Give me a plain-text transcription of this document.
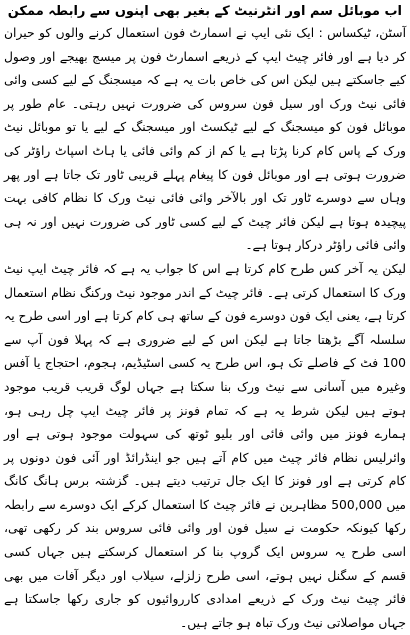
اب موبائل سم اور انٹرنیٹ کے بغیر بھی اپنوں سے رابطہ ممکن

آسٹن، ٹیکساس : ایک نئی ایپ نے اسمارٹ فون استعمال کرنے والوں کو حیران کر دیا ہے اور فائر چیٹ ایپ کے ذریعے اسمارٹ فون پر میسج بھیجے اور وصول کیے جاسکتے ہیں لیکن اس کی خاص بات یہ ہے کہ میسجنگ کے لیے کسی وائی فائی نیٹ ورک اور سیل فون سروس کی ضرورت نہیں رہتی۔ عام طور پر موبائل فون کو میسجنگ کے لیے ٹیکسٹ اور میسجنگ کے لیے یا تو موبائل نیٹ ورک کے پاس کام کرنا پڑتا ہے یا کم از کم وائی فائی یا ہاٹ اسپاٹ راؤٹر کی ضرورت ہوتی ہے اور موبائل فون کا پیغام پہلے قریبی ٹاور تک جاتا ہے اور پھر وہاں سے دوسرے ٹاور تک اور بالآخر وائی فائی نیٹ ورک کا نظام کافی بہت پیچیدہ ہوتا ہے لیکن فائر چیٹ کے لیے کسی ٹاور کی ضرورت نہیں اور نہ ہی وائی فائی راؤٹر درکار ہوتا ہے۔

لیکن یہ آخر کس طرح کام کرتا ہے اس کا جواب یہ ہے کہ فائر چیٹ ایپ نیٹ ورک کا استعمال کرتی ہے۔ فائر چیٹ کے اندر موجود نیٹ ورکنگ نظام استعمال کرتا ہے، یعنی ایک فون دوسرے فون کے ساتھ ہی کام کرتا ہے اور اسی طرح یہ سلسلہ آگے بڑھتا جاتا ہے لیکن اس کے لیے ضروری ہے کہ پہلا فون آپ سے 100 فٹ کے فاصلے تک ہو، اس طرح یہ کسی اسٹیڈیم، ہجوم، احتجاج یا آفس وغیرہ میں آسانی سے نیٹ ورک بنا سکتا ہے جہاں لوگ قریب قریب موجود ہوتے ہیں لیکن شرط یہ ہے کہ تمام فونز پر فائر چیٹ ایپ چل رہی ہو، ہمارے فونز میں وائی فائی اور بلیو ٹوتھ کی سہولت موجود ہوتی ہے اور وائرلیس نظام فائر چیٹ میں کام آتے ہیں جو اینڈرائڈ اور آئی فون دونوں پر کام کرتی ہے اور فونز کا ایک جال ترتیب دیتے ہیں۔ گزشتہ برس ہانگ کانگ میں 500,000 مظاہرین نے فائر چیٹ کا استعمال کرکے ایک دوسرے سے رابطہ رکھا کیونکہ حکومت نے سیل فون اور وائی فائی سروس بند کر رکھی تھی، اسی طرح یہ سروس ایک گروپ بنا کر استعمال کرسکتے ہیں جہاں کسی قسم کے سگنل نہیں ہوتے، اسی طرح زلزلے، سیلاب اور دیگر آفات میں بھی فائر چیٹ نیٹ ورک کے ذریعے امدادی کارروائیوں کو جاری رکھا جاسکتا ہے جہاں مواصلاتی نیٹ ورک تباہ ہو جاتے ہیں۔
